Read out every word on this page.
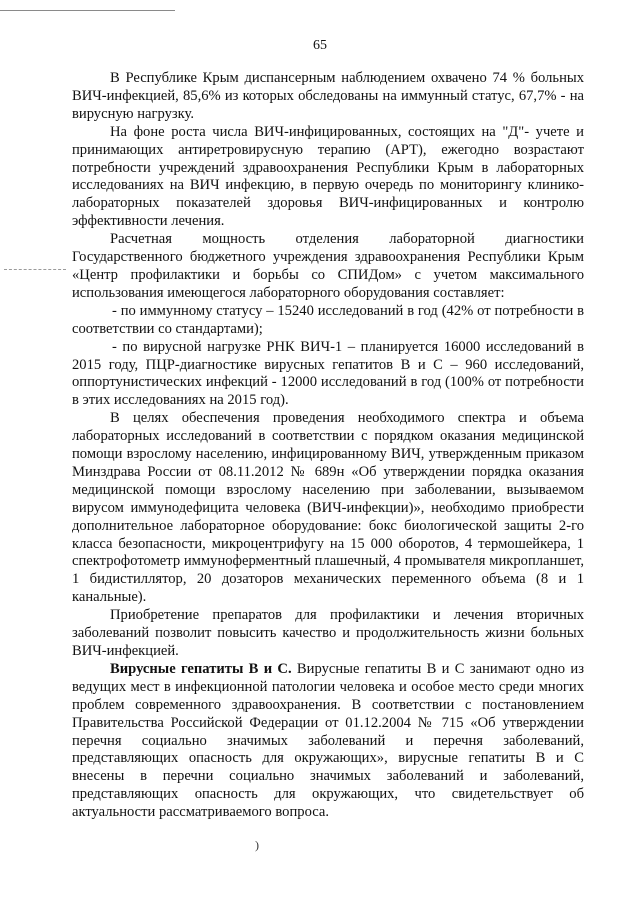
65

В Республике Крым диспансерным наблюдением охвачено 74 % больных ВИЧ-инфекцией, 85,6% из которых обследованы на иммунный статус, 67,7% - на вирусную нагрузку.

На фоне роста числа ВИЧ-инфицированных, состоящих на "Д"- учете и принимающих антиретровирусную терапию (АРТ), ежегодно возрастают потребности учреждений здравоохранения Республики Крым в лабораторных исследованиях на ВИЧ инфекцию, в первую очередь по мониторингу клинико-лабораторных показателей здоровья ВИЧ-инфицированных и контролю эффективности лечения.

Расчетная мощность отделения лабораторной диагностики Государственного бюджетного учреждения здравоохранения Республики Крым «Центр профилактики и борьбы со СПИДом» с учетом максимального использования имеющегося лабораторного оборудования составляет:

- по иммунному статусу – 15240 исследований в год (42% от потребности в соответствии со стандартами);

- по вирусной нагрузке РНК ВИЧ-1 – планируется 16000 исследований в 2015 году, ПЦР-диагностике вирусных гепатитов В и С – 960 исследований, оппортунистических инфекций - 12000 исследований в год (100% от потребности в этих исследованиях на 2015 год).

В целях обеспечения проведения необходимого спектра и объема лабораторных исследований в соответствии с порядком оказания медицинской помощи взрослому населению, инфицированному ВИЧ, утвержденным приказом Минздрава России от 08.11.2012 № 689н «Об утверждении порядка оказания медицинской помощи взрослому населению при заболевании, вызываемом вирусом иммунодефицита человека (ВИЧ-инфекции)», необходимо приобрести дополнительное лабораторное оборудование: бокс биологической защиты 2-го класса безопасности, микроцентрифугу на 15 000 оборотов, 4 термошейкера, 1 спектрофотометр иммуноферментный плашечный, 4 промывателя микропланшет, 1 бидистиллятор, 20 дозаторов механических переменного объема (8 и 1 канальные).

Приобретение препаратов для профилактики и лечения вторичных заболеваний позволит повысить качество и продолжительность жизни больных ВИЧ-инфекцией.

Вирусные гепатиты В и С. Вирусные гепатиты В и С занимают одно из ведущих мест в инфекционной патологии человека и особое место среди многих проблем современного здравоохранения. В соответствии с постановлением Правительства Российской Федерации от 01.12.2004 № 715 «Об утверждении перечня социально значимых заболеваний и перечня заболеваний, представляющих опасность для окружающих», вирусные гепатиты В и С внесены в перечни социально значимых заболеваний и заболеваний, представляющих опасность для окружающих, что свидетельствует об актуальности рассматриваемого вопроса.

)
